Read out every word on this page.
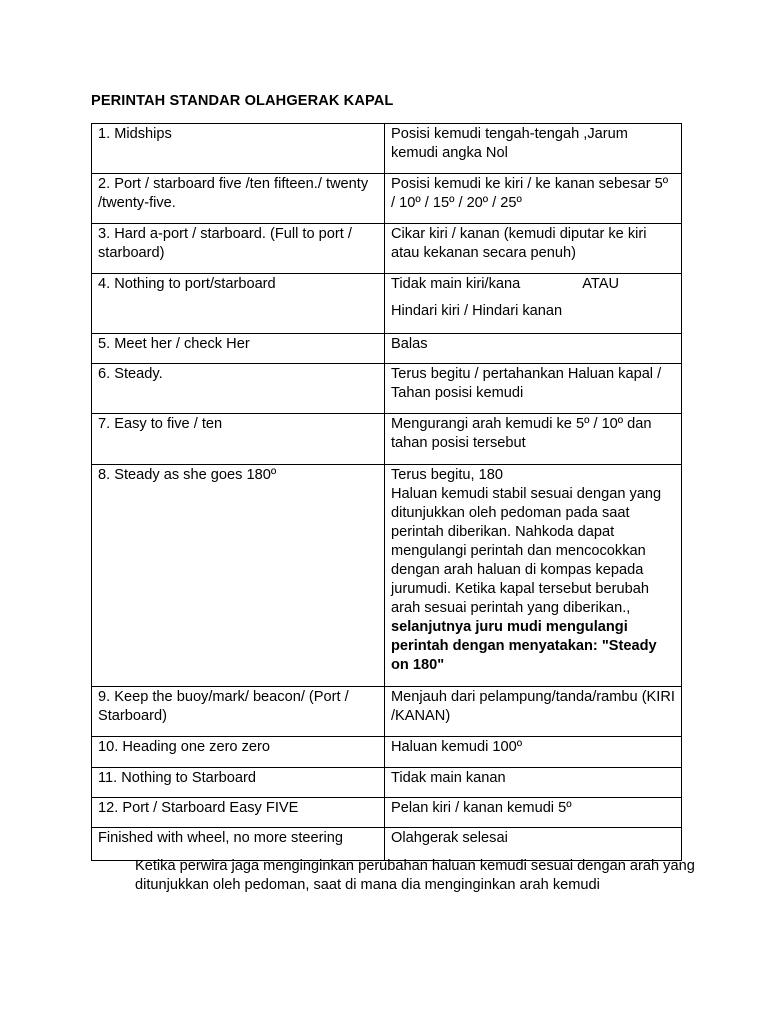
PERINTAH STANDAR OLAHGERAK KAPAL
1. Midships	Posisi kemudi tengah-tengah ,Jarum kemudi angka Nol
2. Port / starboard five /ten fifteen./ twenty /twenty-five.	Posisi kemudi ke kiri / ke kanan sebesar 5º / 10º / 15º / 20º / 25º
3. Hard a-port / starboard. (Full to port / starboard)	Cikar kiri / kanan (kemudi diputar ke kiri atau kekanan secara penuh)
4. Nothing to port/starboard	Tidak main kiri/kana ATAU
Hindari kiri / Hindari kanan

5. Meet her / check Her	Balas
6. Steady.	Terus begitu / pertahankan Haluan kapal / Tahan posisi kemudi
7. Easy to five / ten	Mengurangi arah kemudi ke 5º / 10º dan tahan posisi tersebut
8. Steady as she goes 180º	Terus begitu, 180
Haluan kemudi stabil sesuai dengan yang ditunjukkan oleh pedoman pada saat perintah diberikan. Nahkoda dapat mengulangi perintah dan mencocokkan dengan arah haluan di kompas kepada jurumudi. Ketika kapal tersebut berubah arah sesuai perintah yang diberikan.,
selanjutnya juru mudi mengulangi perintah dengan menyatakan: "Steady on 180"

9. Keep the buoy/mark/ beacon/ (Port / Starboard)	Menjauh dari pelampung/tanda/rambu (KIRI /KANAN)
10. Heading one zero zero	Haluan kemudi 100º
11. Nothing to Starboard	Tidak main kanan
12. Port / Starboard Easy FIVE	Pelan kiri / kanan kemudi 5º
Finished with wheel, no more steering	Olahgerak selesai
Ketika perwira jaga menginginkan perubahan haluan kemudi sesuai dengan arah yang ditunjukkan oleh pedoman, saat di mana dia menginginkan arah kemudi
